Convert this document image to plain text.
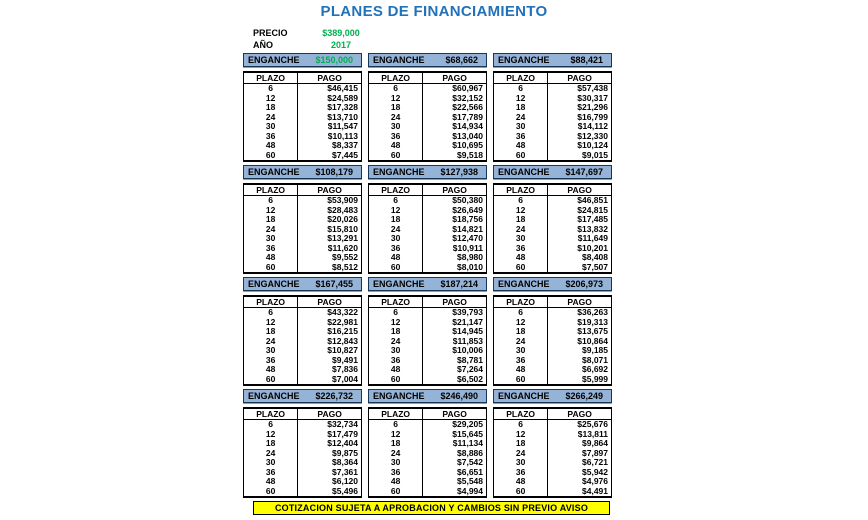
PLANES DE FINANCIAMIENTO
PRECIO	$389,000
AÑO	2017
ENGANCHE $150,000
PLAZO	PAGO
6	$46,415
12	$24,589
18	$17,328
24	$13,710
30	$11,547
36	$10,113
48	$8,337
60	$7,445
ENGANCHE $68,662
PLAZO	PAGO
6	$60,967
12	$32,152
18	$22,566
24	$17,789
30	$14,934
36	$13,040
48	$10,695
60	$9,518
ENGANCHE $88,421
PLAZO	PAGO
6	$57,438
12	$30,317
18	$21,296
24	$16,799
30	$14,112
36	$12,330
48	$10,124
60	$9,015
ENGANCHE $108,179
PLAZO	PAGO
6	$53,909
12	$28,483
18	$20,026
24	$15,810
30	$13,291
36	$11,620
48	$9,552
60	$8,512
ENGANCHE $127,938
PLAZO	PAGO
6	$50,380
12	$26,649
18	$18,756
24	$14,821
30	$12,470
36	$10,911
48	$8,980
60	$8,010
ENGANCHE $147,697
PLAZO	PAGO
6	$46,851
12	$24,815
18	$17,485
24	$13,832
30	$11,649
36	$10,201
48	$8,408
60	$7,507
ENGANCHE $167,455
PLAZO	PAGO
6	$43,322
12	$22,981
18	$16,215
24	$12,843
30	$10,827
36	$9,491
48	$7,836
60	$7,004
ENGANCHE $187,214
PLAZO	PAGO
6	$39,793
12	$21,147
18	$14,945
24	$11,853
30	$10,006
36	$8,781
48	$7,264
60	$6,502
ENGANCHE $206,973
PLAZO	PAGO
6	$36,263
12	$19,313
18	$13,675
24	$10,864
30	$9,185
36	$8,071
48	$6,692
60	$5,999
ENGANCHE $226,732
PLAZO	PAGO
6	$32,734
12	$17,479
18	$12,404
24	$9,875
30	$8,364
36	$7,361
48	$6,120
60	$5,496
ENGANCHE $246,490
PLAZO	PAGO
6	$29,205
12	$15,645
18	$11,134
24	$8,886
30	$7,542
36	$6,651
48	$5,548
60	$4,994
ENGANCHE $266,249
PLAZO	PAGO
6	$25,676
12	$13,811
18	$9,864
24	$7,897
30	$6,721
36	$5,942
48	$4,976
60	$4,491
COTIZACION SUJETA A APROBACION Y CAMBIOS SIN PREVIO AVISO
